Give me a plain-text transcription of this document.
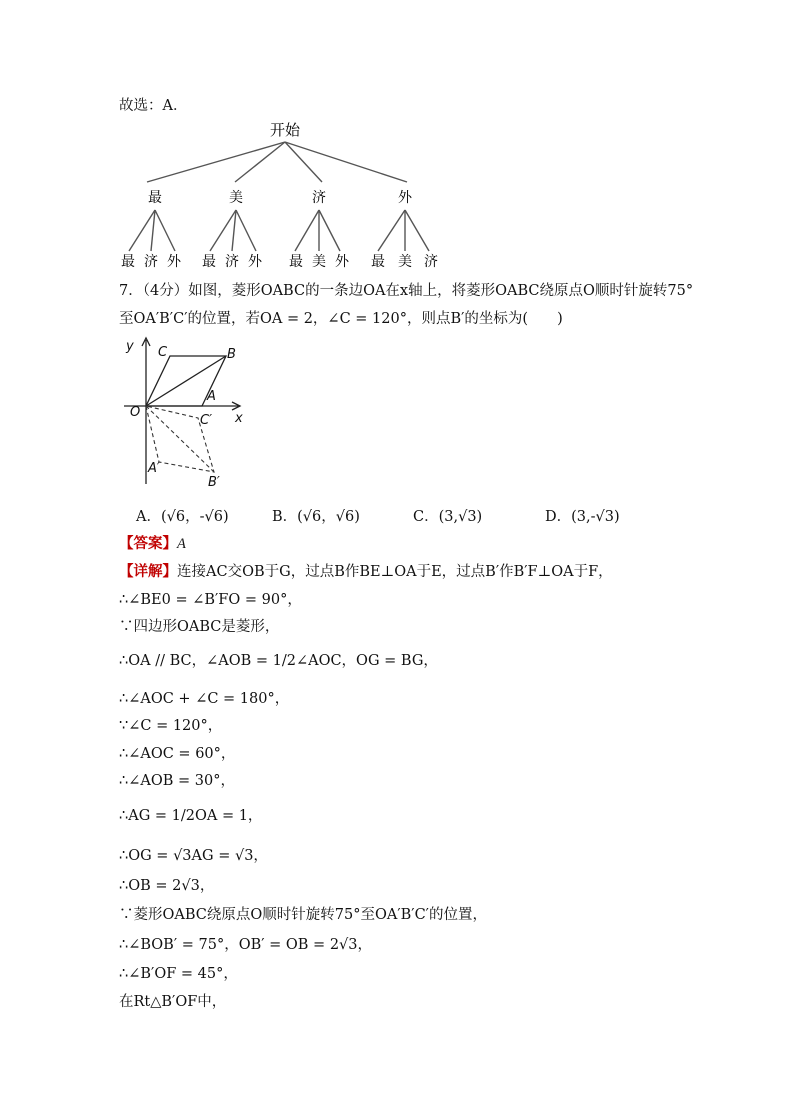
故选：A．
开始
最	美	济	外
最 济 外 最 济 外 最 美 外 最 美 济
7．（4分）如图，菱形OABC的一条边OA在x轴上，将菱形OABC绕原点O顺时针旋转75°
至OA′B′C′的位置，若OA = 2，∠C = 120°，则点B′的坐标为(　　)
y
x
O
A
B
C
A′
B′
C′
A．(√6，-√6)	B．(√6，√6)	C．(3,√3)	D．(3,-√3)
【答案】A
【详解】连接AC交OB于G，过点B作BE⊥OA于E，过点B′作B′F⊥OA于F，
∴∠BE0 = ∠B′FO = 90°，
∵四边形OABC是菱形，
∴OA // BC，∠AOB = 1/2∠AOC，OG = BG，
∴∠AOC + ∠C = 180°，
∵∠C = 120°，
∴∠AOC = 60°，
∴∠AOB = 30°，
∴AG = 1/2OA = 1，
∴OG = √3AG = √3，
∴OB = 2√3，
∵菱形OABC绕原点O顺时针旋转75°至OA′B′C′的位置，
∴∠BOB′ = 75°，OB′ = OB = 2√3，
∴∠B′OF = 45°，
在Rt△B′OF中，
